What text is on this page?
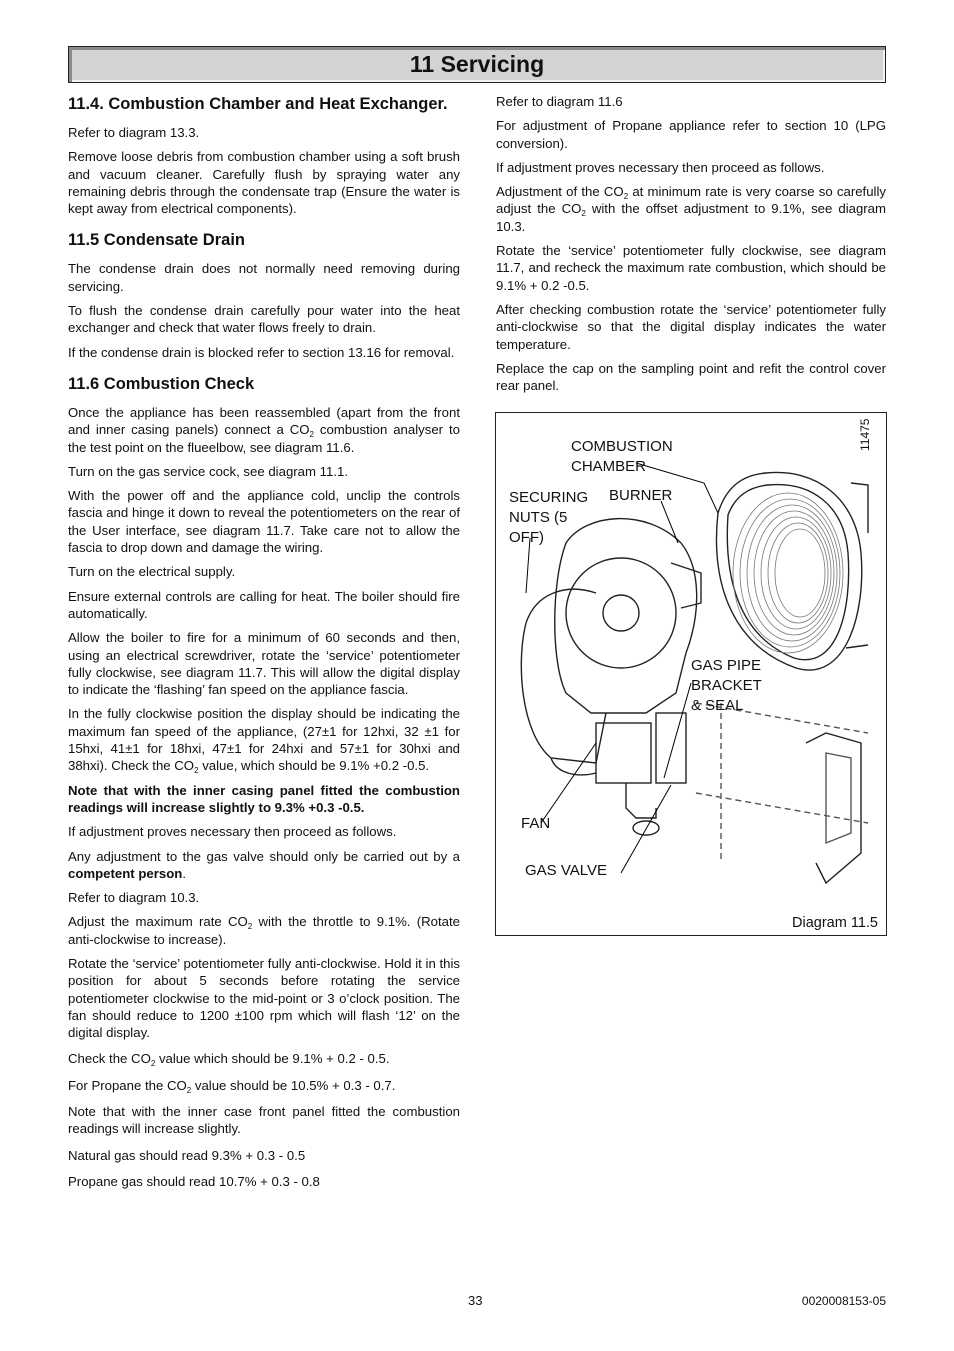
11 Servicing
11.4. Combustion Chamber and Heat Exchanger.

Refer to diagram 13.3.

Remove loose debris from combustion chamber using a soft brush and vacuum cleaner. Carefully flush by spraying water any remaining debris through the condensate trap (Ensure the water is kept away from electrical components).

11.5 Condensate Drain

The condense drain does not normally need removing during servicing.

To flush the condense drain carefully pour water into the heat exchanger and check that water flows freely to drain.

If the condense drain is blocked refer to section 13.16 for removal.

11.6 Combustion Check

Once the appliance has been reassembled (apart from the front and inner casing panels) connect a $CO_2$ combustion analyser to the test point on the flueelbow, see diagram 11.6.

Turn on the gas service cock, see diagram 11.1.

With the power off and the appliance cold, unclip the controls fascia and hinge it down to reveal the potentiometers on the rear of the User interface, see diagram 11.7. Take care not to allow the fascia to drop down and damage the wiring.

Turn on the electrical supply.

Ensure external controls are calling for heat. The boiler should fire automatically.

Allow the boiler to fire for a minimum of 60 seconds and then, using an electrical screwdriver, rotate the ‘service’ potentiometer fully clockwise, see diagram 11.7. This will allow the digital display to indicate the ‘flashing’ fan speed on the appliance fascia.

In the fully clockwise position the display should be indicating the maximum fan speed of the appliance, (27±1 for 12hxi, 32 ±1 for 15hxi, 41±1 for 18hxi, 47±1 for 24hxi and 57±1 for 30hxi and 38hxi). Check the $CO_2$ value, which should be 9.1% +0.2 -0.5.

Note that with the inner casing panel fitted the combustion readings will increase slightly to 9.3% +0.3 -0.5.

If adjustment proves necessary then proceed as follows.

Any adjustment to the gas valve should only be carried out by a competent person.

Refer to diagram 10.3.

Adjust the maximum rate $CO_2$ with the throttle to 9.1%. (Rotate anti-clockwise to increase).

Rotate the ‘service’ potentiometer fully anti-clockwise. Hold it in this position for about 5 seconds before rotating the service potentiometer clockwise to the mid-point or 3 o’clock position. The fan should reduce to 1200 ±100 rpm which will flash ‘12’ on the digital display.

Check the $CO_2$ value which should be 9.1% + 0.2 - 0.5.

For Propane the $CO_2$ value should be 10.5% + 0.3 - 0.7.

Note that with the inner case front panel fitted the combustion readings will increase slightly.

Natural gas should read 9.3% + 0.3 - 0.5

Propane gas should read 10.7% + 0.3 - 0.8

Refer to diagram 11.6

For adjustment of Propane appliance refer to section 10 (LPG conversion).

If adjustment proves necessary then proceed as follows.

Adjustment of the $CO_2$ at minimum rate is very coarse so carefully adjust the $CO_2$ with the offset adjustment to 9.1%, see diagram 10.3.

Rotate the ‘service’ potentiometer fully clockwise, see diagram 11.7, and recheck the maximum rate combustion, which should be 9.1% + 0.2 -0.5.

After checking combustion rotate the ‘service’ potentiometer fully anti-clockwise so that the digital display indicates the water temperature.

Replace the cap on the sampling point and refit the control cover rear panel.

11475
COMBUSTION
CHAMBER
BURNER
SECURING
NUTS (5
OFF)
GAS PIPE
BRACKET
& SEAL
FAN
GAS VALVE
Diagram 11.5
33	0020008153-05
